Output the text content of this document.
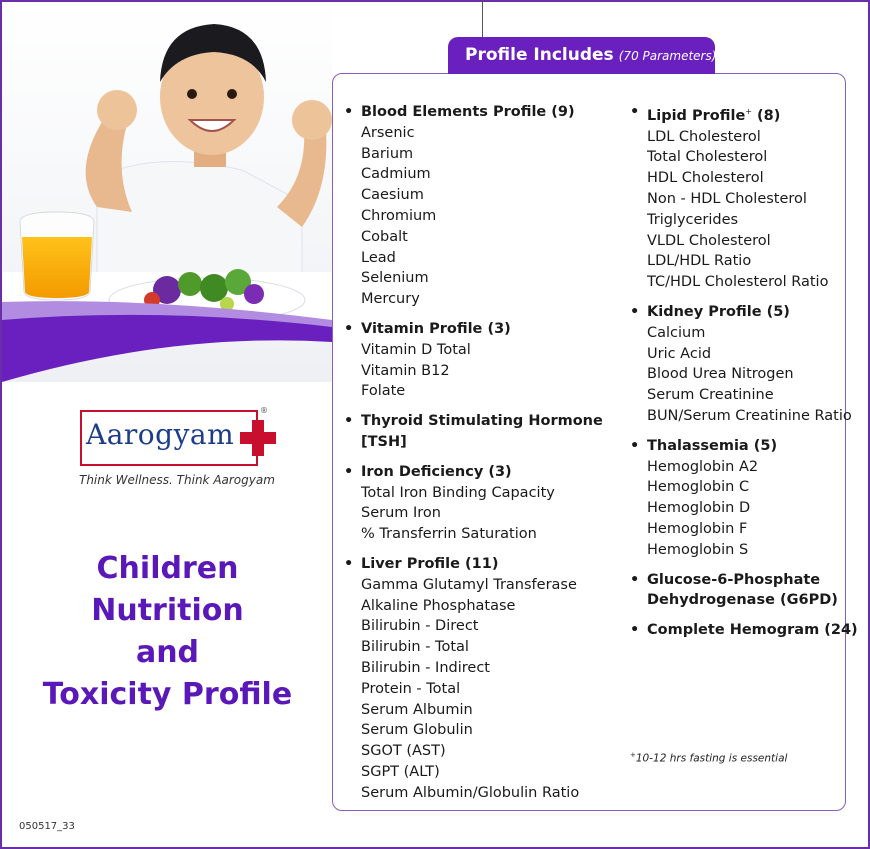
Aarogyam
®
Think Wellness. Think Aarogyam
Children
Nutrition
and
Toxicity Profile
050517_33
Profile Includes (70 Parameters)
• Blood Elements Profile (9)
Arsenic
Barium
Cadmium
Caesium
Chromium
Cobalt
Lead
Selenium
Mercury
• Vitamin Profile (3)
Vitamin D Total
Vitamin B12
Folate
• Thyroid Stimulating Hormone [TSH]
• Iron Deficiency (3)
Total Iron Binding Capacity
Serum Iron
% Transferrin Saturation
• Liver Profile (11)
Gamma Glutamyl Transferase
Alkaline Phosphatase
Bilirubin - Direct
Bilirubin - Total
Bilirubin - Indirect
Protein - Total
Serum Albumin
Serum Globulin
SGOT (AST)
SGPT (ALT)
Serum Albumin/Globulin Ratio
• Lipid Profile+ (8)
LDL Cholesterol
Total Cholesterol
HDL Cholesterol
Non - HDL Cholesterol
Triglycerides
VLDL Cholesterol
LDL/HDL Ratio
TC/HDL Cholesterol Ratio
• Kidney Profile (5)
Calcium
Uric Acid
Blood Urea Nitrogen
Serum Creatinine
BUN/Serum Creatinine Ratio
• Thalassemia (5)
Hemoglobin A2
Hemoglobin C
Hemoglobin D
Hemoglobin F
Hemoglobin S
• Glucose-6-Phosphate
Dehydrogenase (G6PD)
• Complete Hemogram (24)
+10-12 hrs fasting is essential
